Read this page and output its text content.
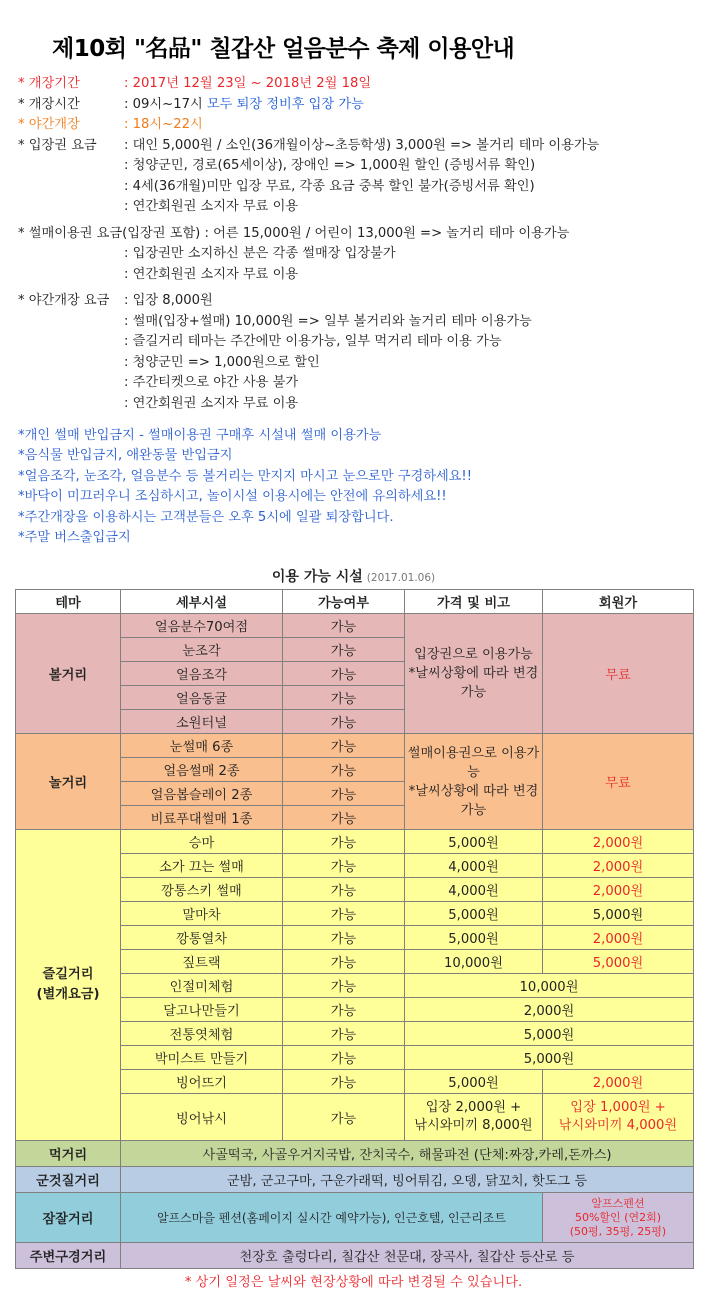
제10회 "名品" 칠갑산 얼음분수 축제 이용안내
* 개장기간	: 2017년 12월 23일 ~ 2018년 2월 18일
* 개장시간	: 09시~17시 모두 퇴장 정비후 입장 가능
* 야간개장	: 18시~22시
* 입장권 요금 : 대인 5,000원 / 소인(36개월이상~초등학생) 3,000원 => 볼거리 테마 이용가능
: 청양군민, 경로(65세이상), 장애인 => 1,000원 할인 (증빙서류 확인)
: 4세(36개월)미만 입장 무료, 각종 요금 중복 할인 불가(증빙서류 확인)
: 연간회원권 소지자 무료 이용
* 썰매이용권 요금(입장권 포함) : 어른 15,000원 / 어린이 13,000원 => 놀거리 테마 이용가능
: 입장권만 소지하신 분은 각종 썰매장 입장불가
: 연간회원권 소지자 무료 이용
* 야간개장 요금 : 입장 8,000원
: 썰매(입장+썰매) 10,000원 => 일부 볼거리와 놀거리 테마 이용가능
: 즐길거리 테마는 주간에만 이용가능, 일부 먹거리 테마 이용 가능
: 청양군민 => 1,000원으로 할인
: 주간티켓으로 야간 사용 불가
: 연간회원권 소지자 무료 이용
*개인 썰매 반입금지 - 썰매이용권 구매후 시설내 썰매 이용가능
*음식물 반입금지, 애완동물 반입금지
*얼음조각, 눈조각, 얼음분수 등 볼거리는 만지지 마시고 눈으로만 구경하세요!!
*바닥이 미끄러우니 조심하시고, 놀이시설 이용시에는 안전에 유의하세요!!
*주간개장을 이용하시는 고객분들은 오후 5시에 일괄 퇴장합니다.
*주말 버스출입금지
이용 가능 시설 (2017.01.06)
테마	세부시설	가능여부	가격 및 비고	회원가
볼거리	얼음분수70여점	가능	입장권으로 이용가능
*날씨상황에 따라 변경가능	무료
	눈조각	가능		
	얼음조각	가능		
	얼음동굴	가능		
	소원터널	가능		
놀거리	눈썰매 6종	가능	썰매이용권으로 이용가능
*날씨상황에 따라 변경가능	무료
	얼음썰매 2종	가능		
	얼음봅슬레이 2종	가능		
	비료푸대썰매 1종	가능		
즐길거리
(별개요금)	승마	가능	5,000원	2,000원
	소가 끄는 썰매	가능	4,000원	2,000원
	깡통스키 썰매	가능	4,000원	2,000원
	말마차	가능	5,000원	5,000원
	깡통열차	가능	5,000원	2,000원
	짚트랙	가능	10,000원	5,000원
	인절미체험	가능	10,000원	
	달고나만들기	가능	2,000원	
	전통엿체험	가능	5,000원	
	박미스트 만들기	가능	5,000원	
	빙어뜨기	가능	5,000원	2,000원
	빙어낚시	가능	입장 2,000원 +
낚시와미끼 8,000원	입장 1,000원 +
낚시와미끼 4,000원

먹거리	사골떡국, 사골우거지국밥, 잔치국수, 해물파전 (단체:짜장,카레,돈까스)			
군것질거리	군밤, 군고구마, 구운가래떡, 빙어튀김, 오뎅, 닭꼬치, 핫도그 등			
잠잘거리	알프스마을 펜션(홈페이지 실시간 예약가능), 인근호텔, 인근리조트			알프스펜션
50%할인 (연2회)
(50평, 35평, 25평)
주변구경거리	천장호 출렁다리, 칠갑산 천문대, 장곡사, 칠갑산 등산로 등			
* 상기 일정은 날씨와 현장상황에 따라 변경될 수 있습니다.
